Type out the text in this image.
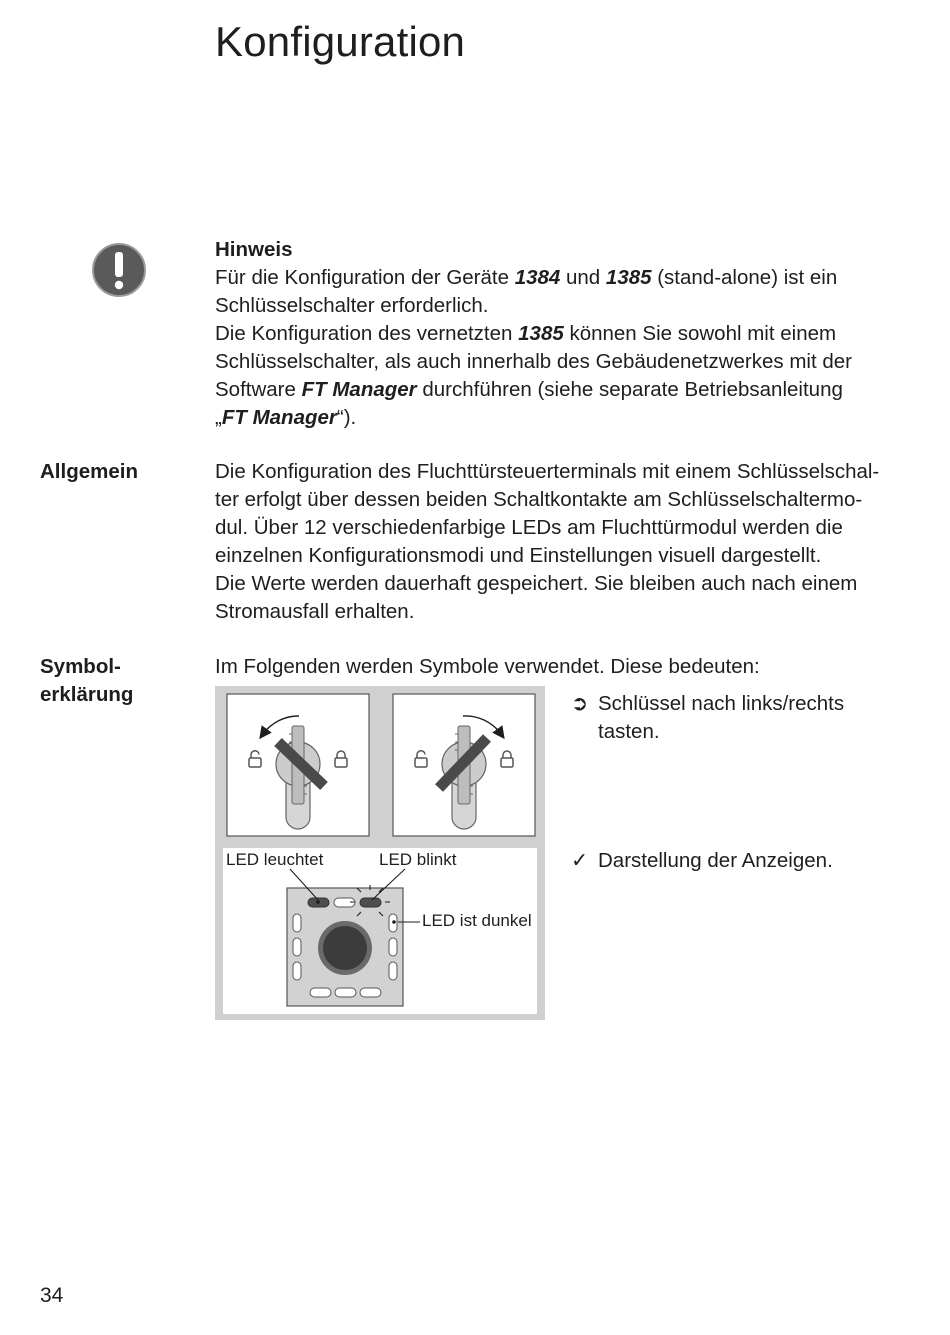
Konfiguration
Hinweis
Für die Konfiguration der Geräte 1384 und 1385 (stand-alone) ist ein
Schlüsselschalter erforderlich.
Die Konfiguration des vernetzten 1385 können Sie sowohl mit einem
Schlüsselschalter, als auch innerhalb des Gebäudenetzwerkes mit der
Software FT Manager durchführen (siehe separate Betriebsanleitung
„FT Manager“).
Allgemein	Die Konfiguration des Fluchttürsteuerterminals mit einem Schlüsselschal-
ter erfolgt über dessen beiden Schaltkontakte am Schlüsselschaltermo-
dul. Über 12 verschiedenfarbige LEDs am Fluchttürmodul werden die
einzelnen Konfigurationsmodi und Einstellungen visuell dargestellt.
Die Werte werden dauerhaft gespeichert. Sie bleiben auch nach einem
Stromausfall erhalten.
Symbol-
erklärung
Im Folgenden werden Symbole verwendet. Diese bedeuten:
LED leuchtet	LED blinkt
LED ist dunkel
➲ Schlüssel nach links/rechts
tasten.
✓ Darstellung der Anzeigen.
34
